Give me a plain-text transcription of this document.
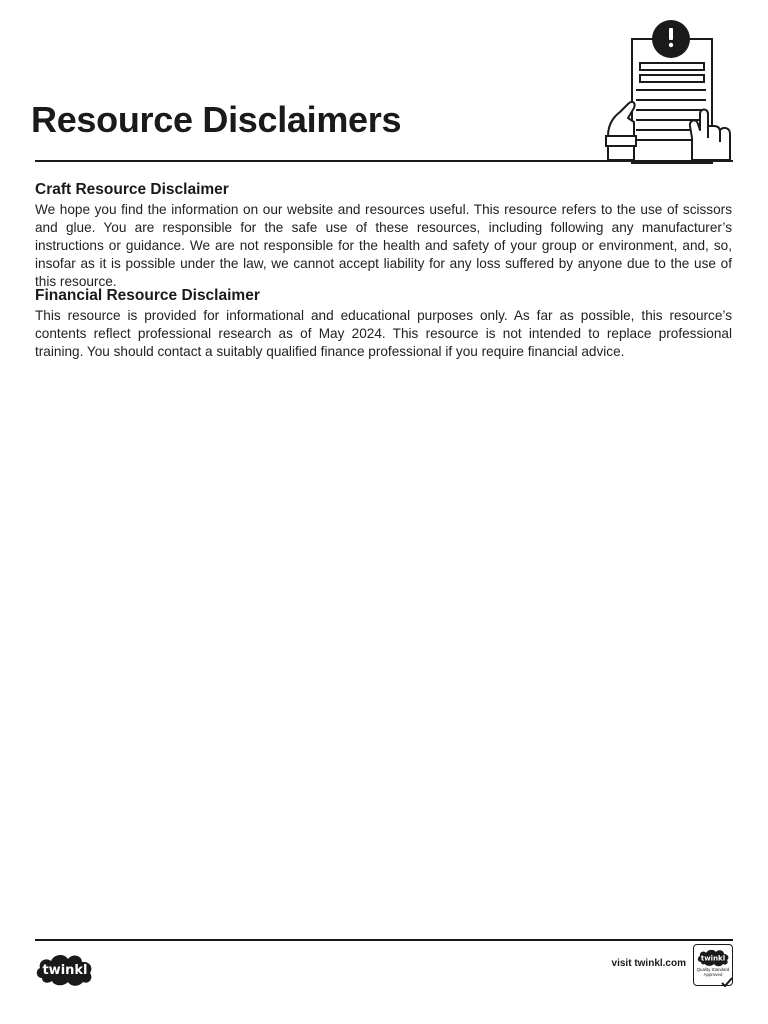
Resource Disclaimers
Craft Resource Disclaimer

We hope you find the information on our website and resources useful. This resource refers to the use of scissors and glue. You are responsible for the safe use of these resources, including following any manufacturer’s instructions or guidance. We are not responsible for the health and safety of your group or environment, and, so, insofar as it is possible under the law, we cannot accept liability for any loss suffered by anyone due to the use of this resource.

Financial Resource Disclaimer

This resource is provided for informational and educational purposes only. As far as possible, this resource’s contents reflect professional research as of May 2024. This resource is not intended to replace professional training. You should contact a suitably qualified finance professional if you require financial advice.

twinkl	visit twinkl.com twinkl
Quality Standard
Approved
